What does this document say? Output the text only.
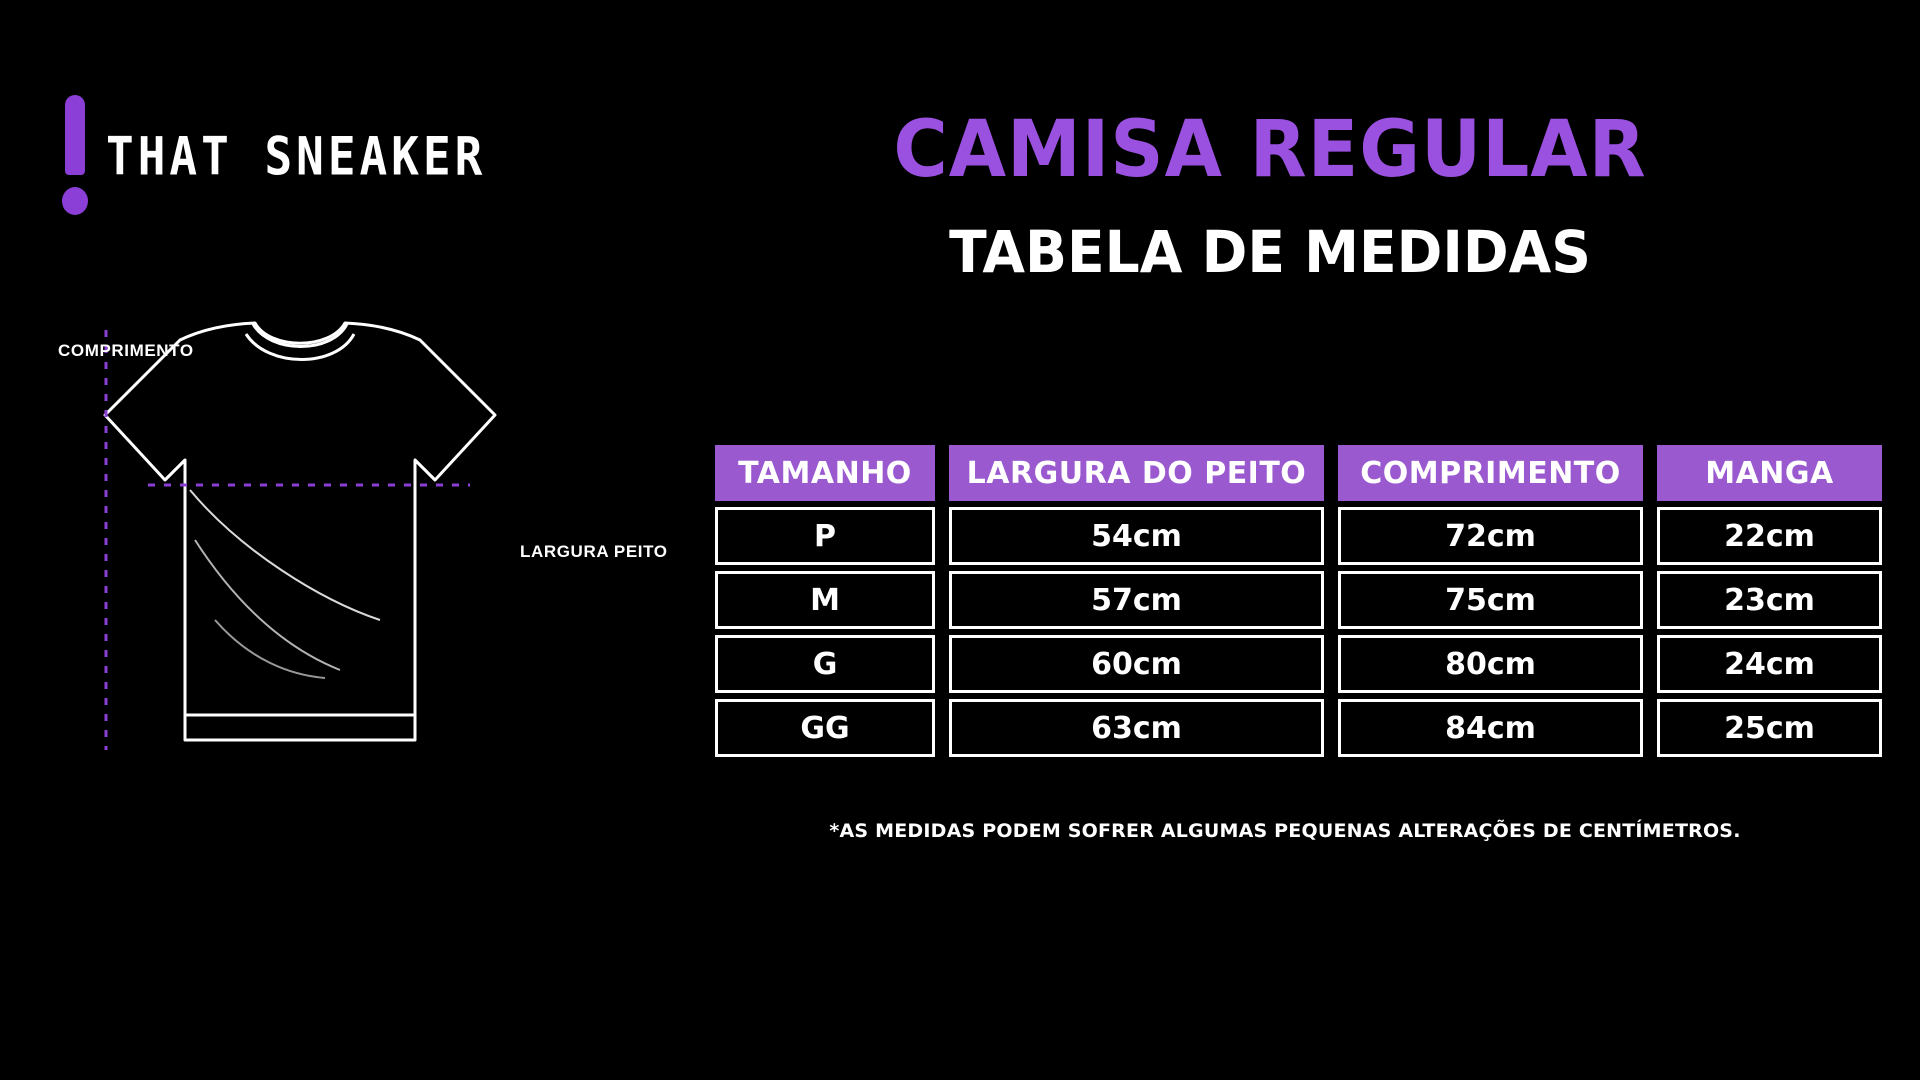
THAT SNEAKER	CAMISA REGULAR
TABELA DE MEDIDAS
COMPRIMENTO
LARGURA PEITO
TAMANHO
P
M
G
GG
LARGURA DO PEITO
54cm
57cm
60cm
63cm
COMPRIMENTO
72cm
75cm
80cm
84cm
MANGA
22cm
23cm
24cm
25cm
*AS MEDIDAS PODEM SOFRER ALGUMAS PEQUENAS ALTERAÇÕES DE CENTÍMETROS.
